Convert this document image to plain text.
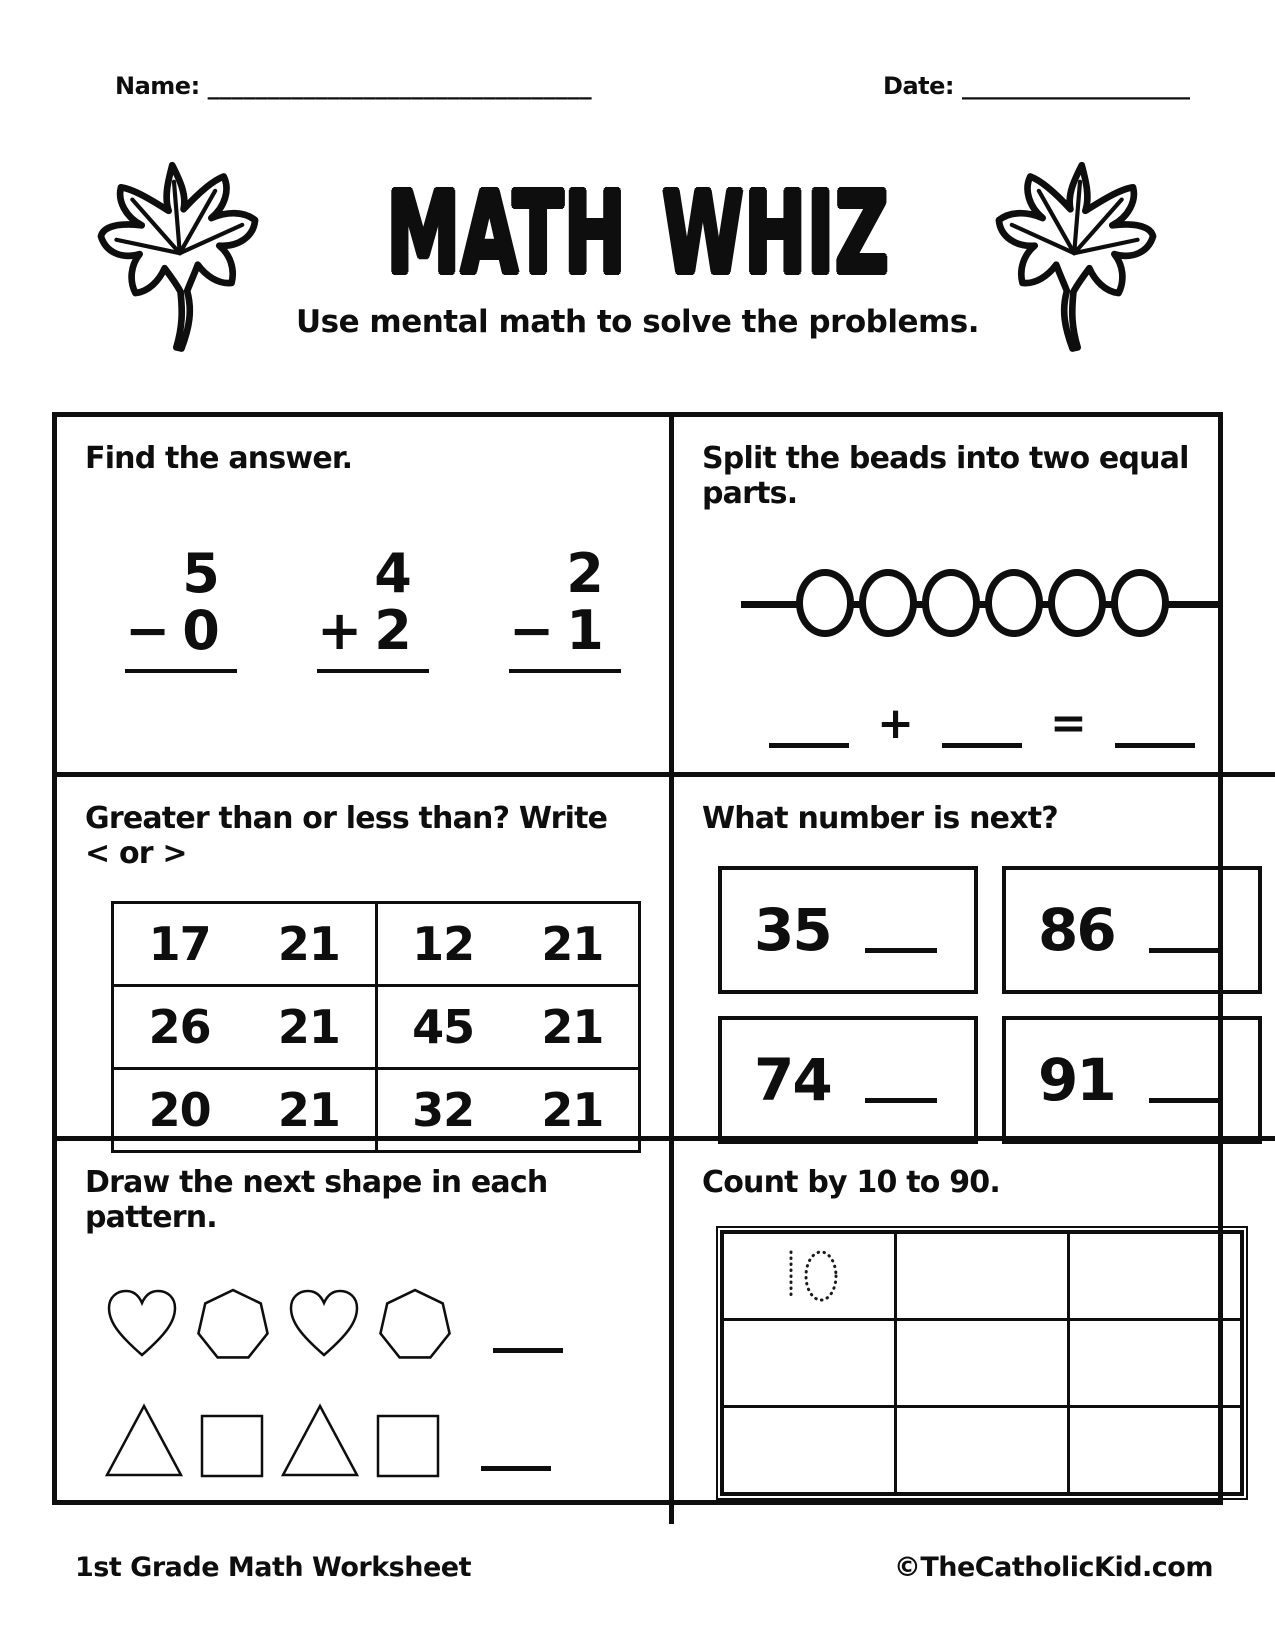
Name: ________________________________	Date: ___________________
MATH WHIZ
Use mental math to solve the problems.
Find the answer.
5
− 0
4
+ 2
2
− 1
Split the beads into two equal parts.
+	=
Greater than or less than? Write < or >
17 21	12 21

26 21	45 21

20 21	32 21
What number is next?
35	86
74	91
Draw the next shape in each pattern.
Count by 10 to 90.

1st Grade Math Worksheet	©TheCatholicKid.com
